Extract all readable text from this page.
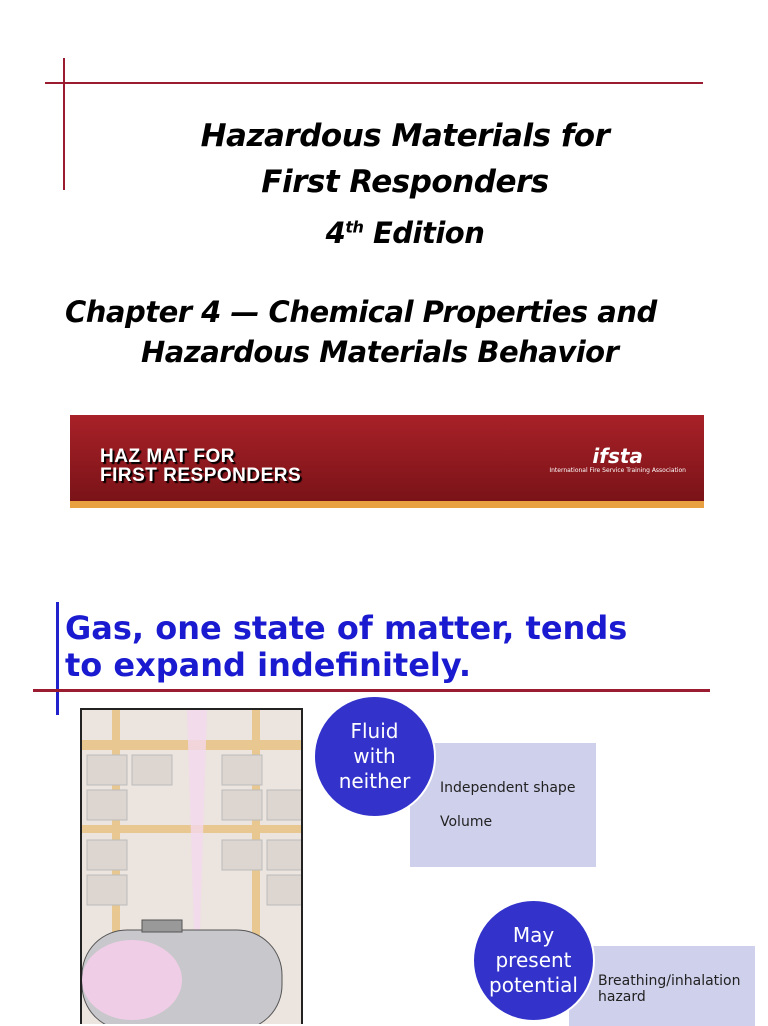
Hazardous Materials for
First Responders
4th Edition
Chapter 4 — Chemical Properties and
Hazardous Materials Behavior
HAZ MAT FOR
FIRST RESPONDERS
ifsta
International Fire Service Training Association
Gas, one state of matter, tends
to expand indefinitely.
Independent shape
Volume
Fluid with neither
Breathing/inhalation hazard
May present potential
